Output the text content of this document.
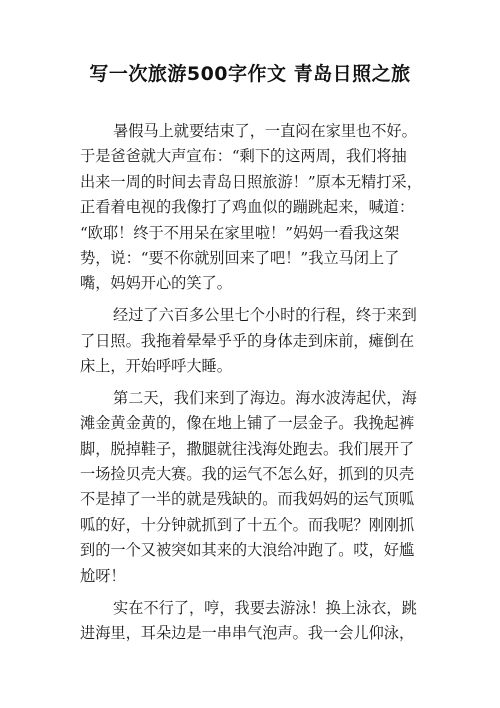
写一次旅游500字作文 青岛日照之旅
暑假马上就要结束了，一直闷在家里也不好。
于是爸爸就大声宣布：“剩下的这两周，我们将抽
出来一周的时间去青岛日照旅游！”原本无精打采，
正看着电视的我像打了鸡血似的蹦跳起来，喊道：
“欧耶！终于不用呆在家里啦！”妈妈一看我这架
势，说：“要不你就别回来了吧！”我立马闭上了
嘴，妈妈开心的笑了。
经过了六百多公里七个小时的行程，终于来到
了日照。我拖着晕晕乎乎的身体走到床前，瘫倒在
床上，开始呼呼大睡。
第二天，我们来到了海边。海水波涛起伏，海
滩金黄金黄的，像在地上铺了一层金子。我挽起裤
脚，脱掉鞋子，撒腿就往浅海处跑去。我们展开了
一场捡贝壳大赛。我的运气不怎么好，抓到的贝壳
不是掉了一半的就是残缺的。而我妈妈的运气顶呱
呱的好，十分钟就抓到了十五个。而我呢？刚刚抓
到的一个又被突如其来的大浪给冲跑了。哎，好尴
尬呀！
实在不行了，哼，我要去游泳！换上泳衣，跳
进海里，耳朵边是一串串气泡声。我一会儿仰泳，
